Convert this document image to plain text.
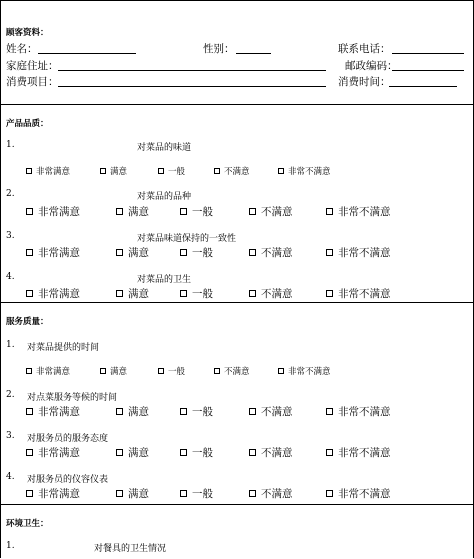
顾客资料：
姓名：	性别：	联系电话：
家庭住址：	邮政编码：
消费项目：	消费时间：
产品品质：
1.	对菜品的味道
非常满意	满意	一般	不满意	非常不满意
2.	对菜品的品种
非常满意	满意	一般	不满意	非常不满意
3.	对菜品味道保持的一致性
非常满意	满意	一般	不满意	非常不满意
4.	对菜品的卫生
非常满意	满意	一般	不满意	非常不满意
服务质量：
1. 对菜品提供的时间
非常满意	满意	一般	不满意	非常不满意
2. 对点菜服务等候的时间
非常满意	满意	一般	不满意	非常不满意
3. 对服务员的服务态度
非常满意	满意	一般	不满意	非常不满意
4. 对服务员的仪容仪表
非常满意	满意	一般	不满意	非常不满意
环境卫生：
1.	对餐具的卫生情况
